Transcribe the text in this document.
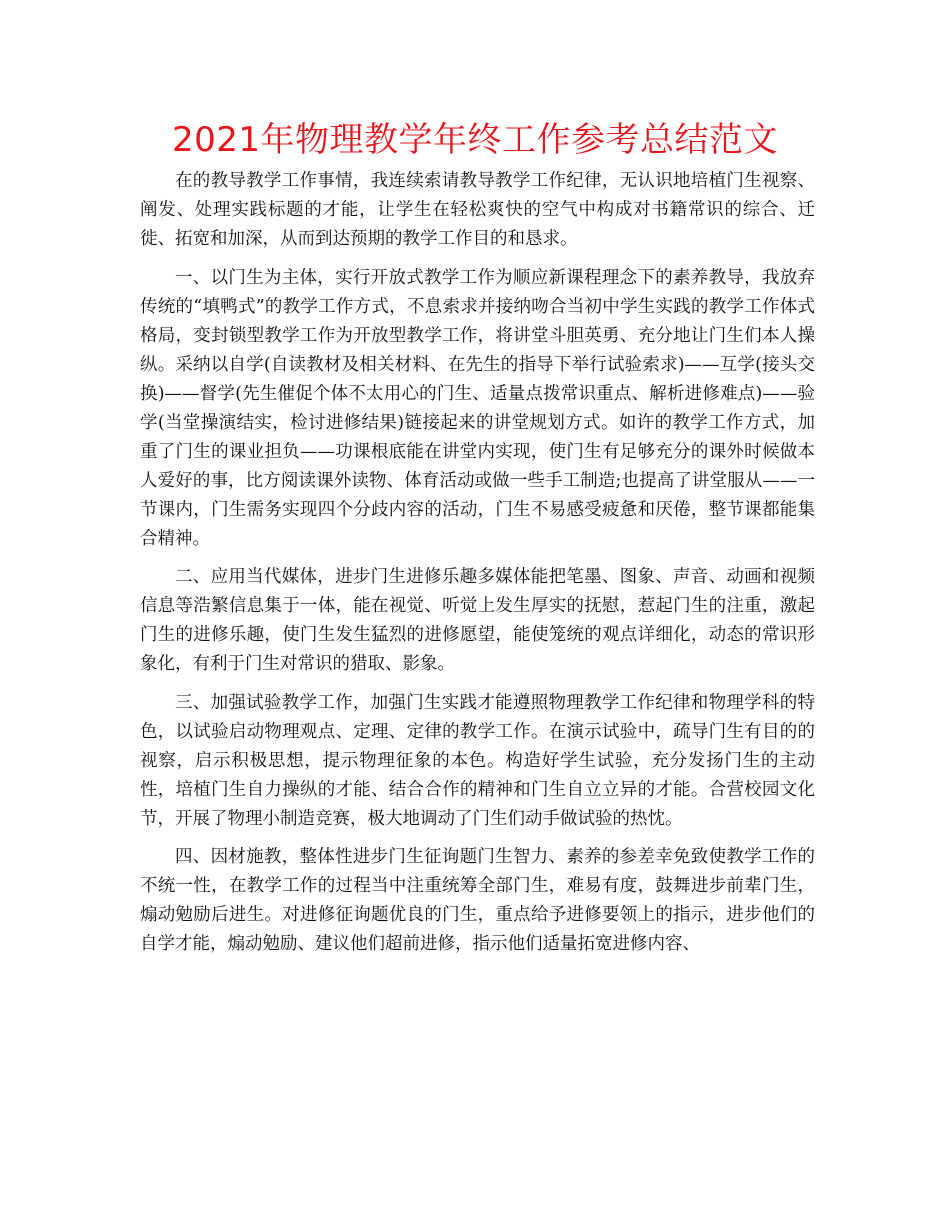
2021年物理教学年终工作参考总结范文

在的教导教学工作事情，我连续索请教导教学工作纪律，无认识地培植门生视察、阐发、处理实践标题的才能，让学生在轻松爽快的空气中构成对书籍常识的综合、迁徙、拓宽和加深，从而到达预期的教学工作目的和恳求。

一、以门生为主体，实行开放式教学工作为顺应新课程理念下的素养教导，我放弃传统的“填鸭式”的教学工作方式，不息索求并接纳吻合当初中学生实践的教学工作体式格局，变封锁型教学工作为开放型教学工作，将讲堂斗胆英勇、充分地让门生们本人操纵。采纳以自学(自读教材及相关材料、在先生的指导下举行试验索求)——互学(接头交换)——督学(先生催促个体不太用心的门生、适量点拨常识重点、解析进修难点)——验学(当堂操演结实，检讨进修结果)链接起来的讲堂规划方式。如许的教学工作方式，加重了门生的课业担负——功课根底能在讲堂内实现，使门生有足够充分的课外时候做本人爱好的事，比方阅读课外读物、体育活动或做一些手工制造;也提高了讲堂服从——一节课内，门生需务实现四个分歧内容的活动，门生不易感受疲惫和厌倦，整节课都能集合精神。

二、应用当代媒体，进步门生进修乐趣多媒体能把笔墨、图象、声音、动画和视频信息等浩繁信息集于一体，能在视觉、听觉上发生厚实的抚慰，惹起门生的注重，激起门生的进修乐趣，使门生发生猛烈的进修愿望，能使笼统的观点详细化，动态的常识形象化，有利于门生对常识的猎取、影象。

三、加强试验教学工作，加强门生实践才能遵照物理教学工作纪律和物理学科的特色，以试验启动物理观点、定理、定律的教学工作。在演示试验中，疏导门生有目的的视察，启示积极思想，提示物理征象的本色。构造好学生试验，充分发扬门生的主动性，培植门生自力操纵的才能、结合合作的精神和门生自立立异的才能。合营校园文化节，开展了物理小制造竞赛，极大地调动了门生们动手做试验的热忱。

四、因材施教，整体性进步门生征询题门生智力、素养的参差幸免致使教学工作的不统一性，在教学工作的过程当中注重统筹全部门生，难易有度，鼓舞进步前辈门生，煽动勉励后进生。对进修征询题优良的门生，重点给予进修要领上的指示，进步他们的自学才能，煽动勉励、建议他们超前进修，指示他们适量拓宽进修内容、
